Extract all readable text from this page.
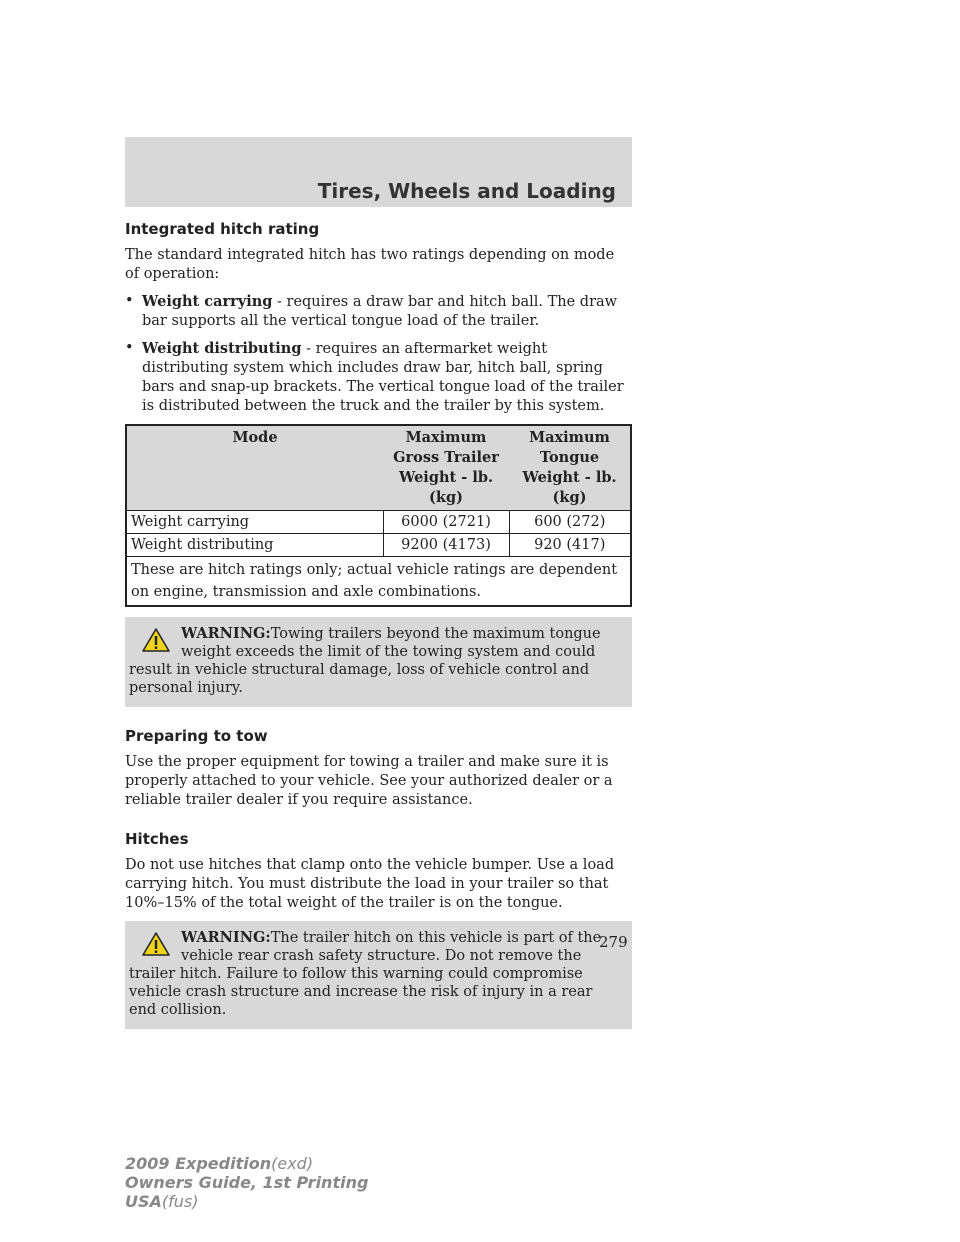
Tires, Wheels and Loading
Integrated hitch rating

The standard integrated hitch has two ratings depending on mode of operation:

• Weight carrying - requires a draw bar and hitch ball. The draw bar supports all the vertical tongue load of the trailer.
• Weight distributing - requires an aftermarket weight distributing system which includes draw bar, hitch ball, spring bars and snap-up brackets. The vertical tongue load of the trailer is distributed between the truck and the trailer by this system.
Mode	Maximum Gross Trailer Weight - lb. (kg)	Maximum Tongue Weight - lb. (kg)
Weight carrying	6000 (2721)	600 (272)
Weight distributing	9200 (4173)	920 (417)
These are hitch ratings only; actual vehicle ratings are dependent on engine, transmission and axle combinations.		

WARNING:Towing trailers beyond the maximum tongue weight exceeds the limit of the towing system and could result in vehicle structural damage, loss of vehicle control and personal injury.

Preparing to tow

Use the proper equipment for towing a trailer and make sure it is properly attached to your vehicle. See your authorized dealer or a reliable trailer dealer if you require assistance.

Hitches

Do not use hitches that clamp onto the vehicle bumper. Use a load carrying hitch. You must distribute the load in your trailer so that 10%–15% of the total weight of the trailer is on the tongue.

WARNING:The trailer hitch on this vehicle is part of the vehicle rear crash safety structure. Do not remove the trailer hitch. Failure to follow this warning could compromise vehicle crash structure and increase the risk of injury in a rear end collision.

279

2009 Expedition(exd)
Owners Guide, 1st Printing
USA(fus)
